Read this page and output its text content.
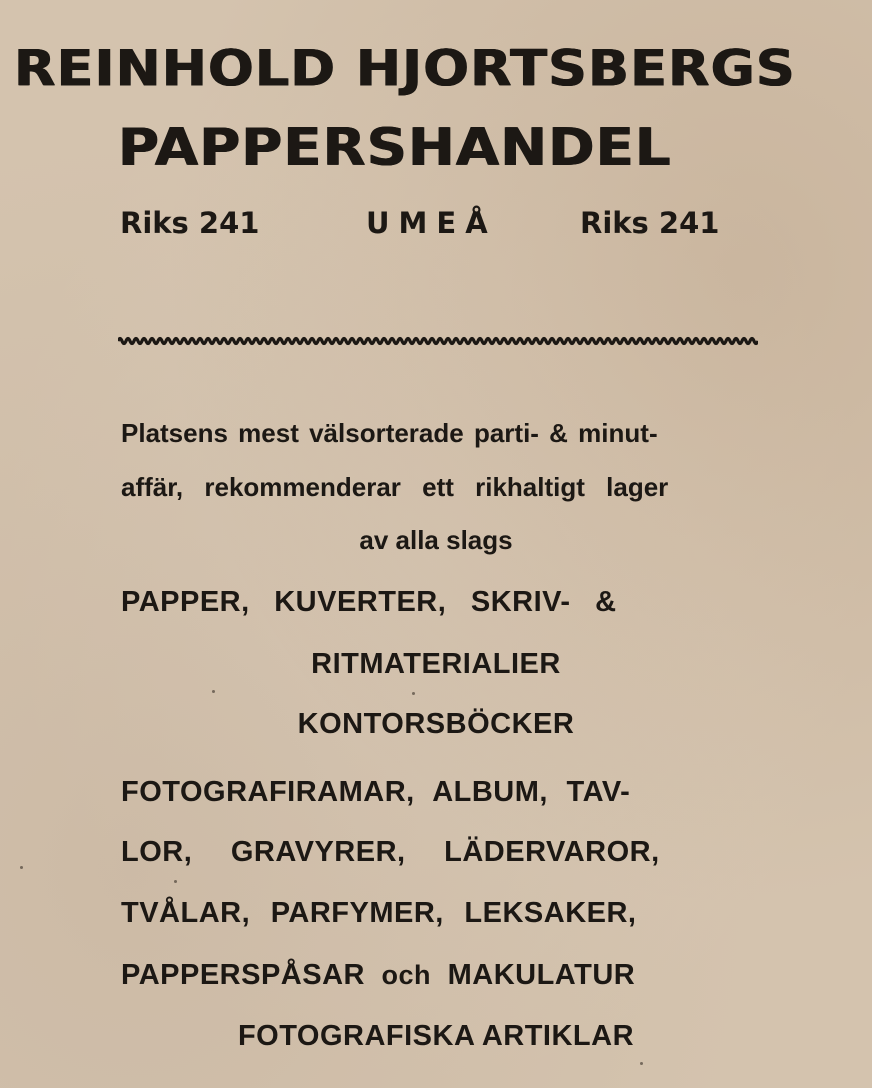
REINHOLD HJORTSBERGS
PAPPERSHANDEL
Riks 241	UMEÅ	Riks 241
Platsens mest välsorterade parti- & minut-
affär, rekommenderar ett rikhaltigt lager
av alla slags
PAPPER, KUVERTER, SKRIV- &
RITMATERIALIER
KONTORSBÖCKER
FOTOGRAFIRAMAR, ALBUM, TAV-
LOR, GRAVYRER, LÄDERVAROR,
TVÅLAR, PARFYMER, LEKSAKER,
PAPPERSPÅSAR och MAKULATUR
FOTOGRAFISKA ARTIKLAR
